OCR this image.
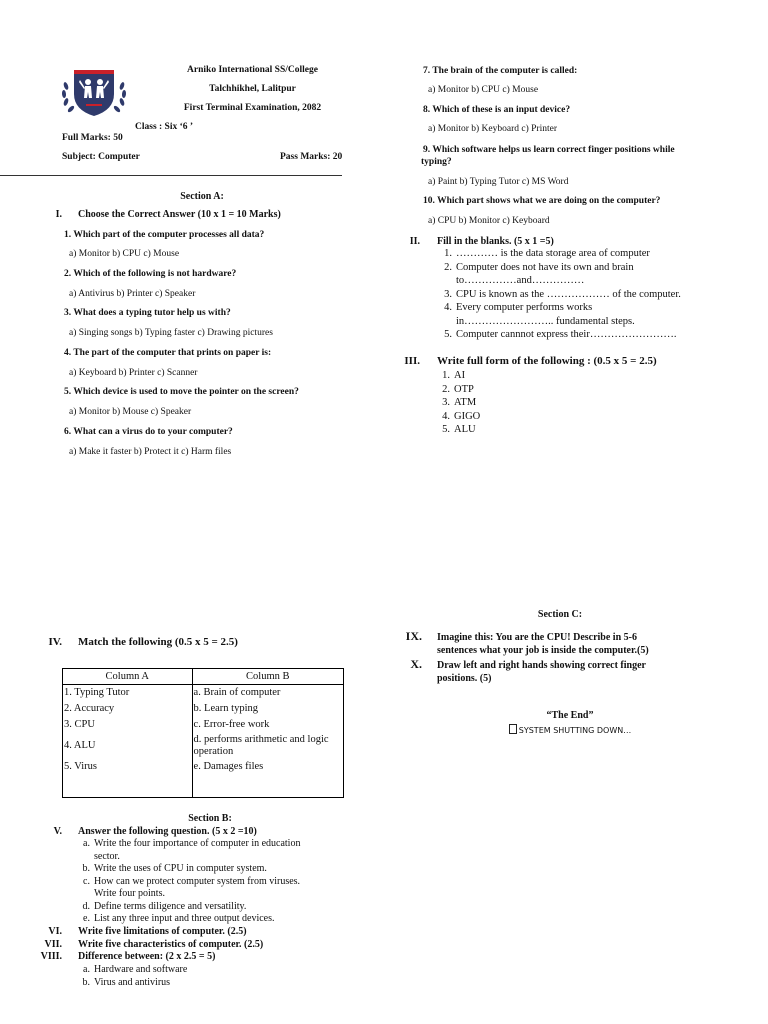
Arniko International SS/College
Talchhikhel, Lalitpur
First Terminal Examination, 2082
Class : Six ‘6 ’
Full Marks: 50
Subject: Computer	Pass Marks: 20
Section A:
I. Choose the Correct Answer (10 x 1 = 10 Marks)
1. Which part of the computer processes all data?
a) Monitor b) CPU c) Mouse
2. Which of the following is not hardware?
a) Antivirus b) Printer c) Speaker
3. What does a typing tutor help us with?
a) Singing songs b) Typing faster c) Drawing pictures
4. The part of the computer that prints on paper is:
a) Keyboard b) Printer c) Scanner
5. Which device is used to move the pointer on the screen?
a) Monitor b) Mouse c) Speaker
6. What can a virus do to your computer?
a) Make it faster b) Protect it c) Harm files
7. The brain of the computer is called:
a) Monitor b) CPU c) Mouse
8. Which of these is an input device?
a) Monitor b) Keyboard c) Printer
9. Which software helps us learn correct finger positions while
typing?
a) Paint b) Typing Tutor c) MS Word
10. Which part shows what we are doing on the computer?
a) CPU b) Monitor c) Keyboard
II. Fill in the blanks. (5 x 1 =5)
1. ………… is the data storage area of computer
2. Computer does not have its own and brain
to……………and……………
3. CPU is known as the ……………… of the computer.
4. Every computer performs works
in…………………….. fundamental steps.
5. Computer cannnot express their…………………….
III. Write full form of the following : (0.5 x 5 = 2.5)
1. AI
2. OTP
3. ATM
4. GIGO
5. ALU
IV. Match the following (0.5 x 5 = 2.5)
Column A	Column B
1. Typing Tutor	a. Brain of computer
2. Accuracy	b. Learn typing
3. CPU	c. Error-free work
4. ALU	d. performs arithmetic and logic operation
5. Virus	e. Damages files

Section B:
V. Answer the following question. (5 x 2 =10)
a. Write the four importance of computer in education
sector.
b. Write the uses of CPU in computer system.
c. How can we protect computer system from viruses.
Write four points.
d. Define terms diligence and versatility.
e. List any three input and three output devices.
VI. Write five limitations of computer. (2.5)
VII. Write five characteristics of computer. (2.5)
VIII. Difference between: (2 x 2.5 = 5)
a. Hardware and software
b. Virus and antivirus
Section C:
IX. Imagine this: You are the CPU! Describe in 5-6
sentences what your job is inside the computer.(5)
X. Draw left and right hands showing correct finger
positions. (5)
“The End”
SYSTEM SHUTTING DOWN…
